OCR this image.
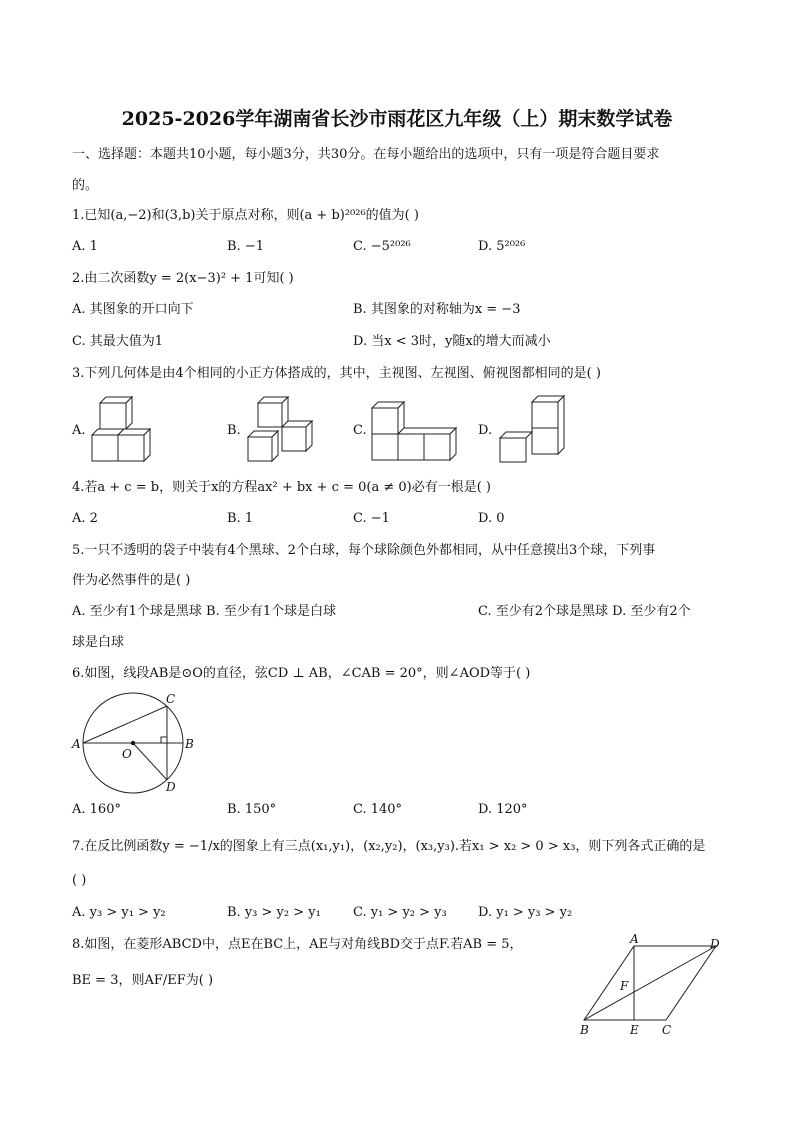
2025-2026学年湖南省长沙市雨花区九年级（上）期末数学试卷
一、选择题：本题共10小题，每小题3分，共30分。在每小题给出的选项中，只有一项是符合题目要求
的。
1.已知(a,−2)和(3,b)关于原点对称，则(a + b)²⁰²⁶的值为( )
A. 1	B. −1	C. −5²⁰²⁶	D. 5²⁰²⁶
2.由二次函数y = 2(x−3)² + 1可知( )
A. 其图象的开口向下	B. 其图象的对称轴为x = −3
C. 其最大值为1	D. 当x < 3时，y随x的增大而减小
3.下列几何体是由4个相同的小正方体搭成的，其中，主视图、左视图、俯视图都相同的是( )
A.	B.	C.	D.
4.若a + c = b，则关于x的方程ax² + bx + c = 0(a ≠ 0)必有一根是( )
A. 2	B. 1	C. −1	D. 0
5.一只不透明的袋子中装有4个黑球、2个白球，每个球除颜色外都相同，从中任意摸出3个球，下列事
件为必然事件的是( )
A. 至少有1个球是黑球 B. 至少有1个球是白球	C. 至少有2个球是黑球 D. 至少有2个
球是白球
6.如图，线段AB是⊙O的直径，弦CD ⊥ AB，∠CAB = 20°，则∠AOD等于( )
A	B
C
D
O
A. 160°	B. 150°	C. 140°	D. 120°
7.在反比例函数y = −1/x的图象上有三点(x₁,y₁)，(x₂,y₂)，(x₃,y₃).若x₁ > x₂ > 0 > x₃，则下列各式正确的是
( )
A. y₃ > y₁ > y₂	B. y₃ > y₂ > y₁ C. y₁ > y₂ > y₃ D. y₁ > y₃ > y₂
8.如图，在菱形ABCD中，点E在BC上，AE与对角线BD交于点F.若AB = 5，
BE = 3，则AF/EF为( )
A	D
F
B	E C
